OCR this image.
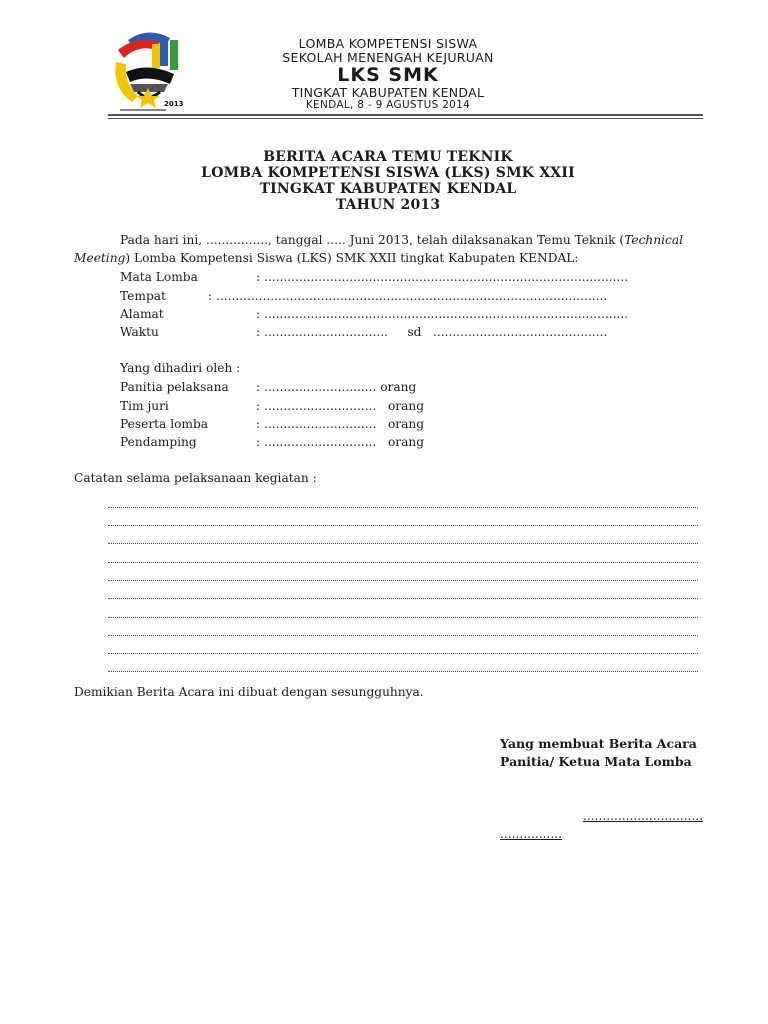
2013
LOMBA KOMPETENSI SISWA
SEKOLAH MENENGAH KEJURUAN
LKS SMK
TINGKAT KABUPATEN KENDAL
KENDAL, 8 - 9 AGUSTUS 2014
BERITA ACARA TEMU TEKNIK
LOMBA KOMPETENSI SISWA (LKS) SMK XXII
TINGKAT KABUPATEN KENDAL
TAHUN 2013
Pada hari ini, ................, tanggal ..... Juni 2013, telah dilaksanakan Temu Teknik (Technical
Meeting) Lomba Kompetensi Siswa (LKS) SMK XXII tingkat Kabupaten KENDAL:
Mata Lomba	: ..............................................................................................
Tempat	: .....................................................................................................
Alamat	: ..............................................................................................
Waktu	: ................................     sd   .............................................
Yang dihadiri oleh :
Panitia pelaksana : ............................. orang
Tim juri	: .............................   orang
Peserta lomba	: .............................   orang
Pendamping	: .............................   orang
Catatan selama pelaksanaan kegiatan :
Demikian Berita Acara ini dibuat dengan sesungguhnya.
Yang membuat Berita Acara
Panitia/ Ketua Mata Lomba
...............................
................
